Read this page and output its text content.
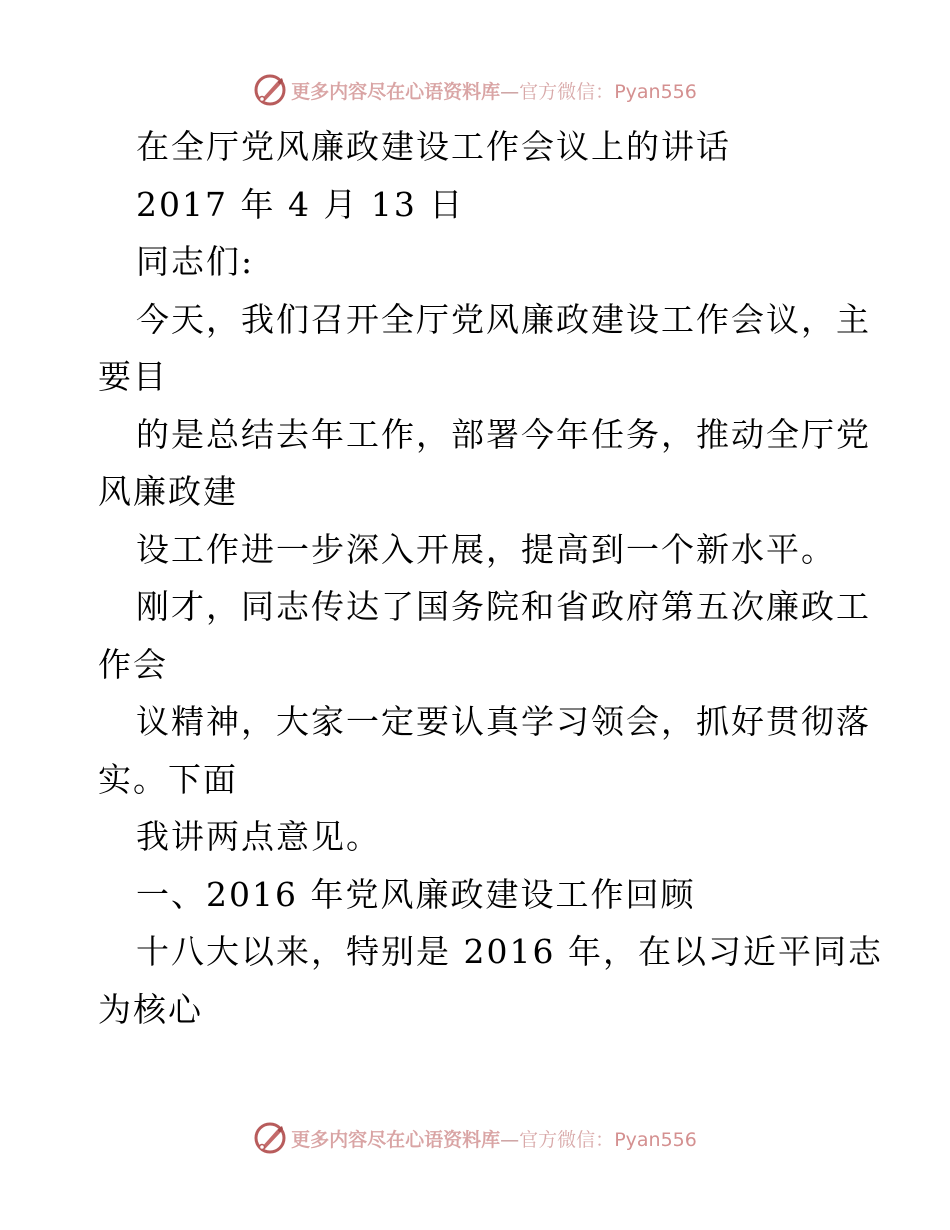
更多内容尽在心语资料库—官方微信：Pyan556
在全厅党风廉政建设工作会议上的讲话
2017 年 4 月 13 日
同志们:
今天，我们召开全厅党风廉政建设工作会议，主
要目
的是总结去年工作，部署今年任务，推动全厅党
风廉政建
设工作进一步深入开展，提高到一个新水平。
刚才，同志传达了国务院和省政府第五次廉政工
作会
议精神，大家一定要认真学习领会，抓好贯彻落
实。下面
我讲两点意见。
一、2016 年党风廉政建设工作回顾
十八大以来，特别是 2016 年，在以习近平同志
为核心
更多内容尽在心语资料库—官方微信：Pyan556
